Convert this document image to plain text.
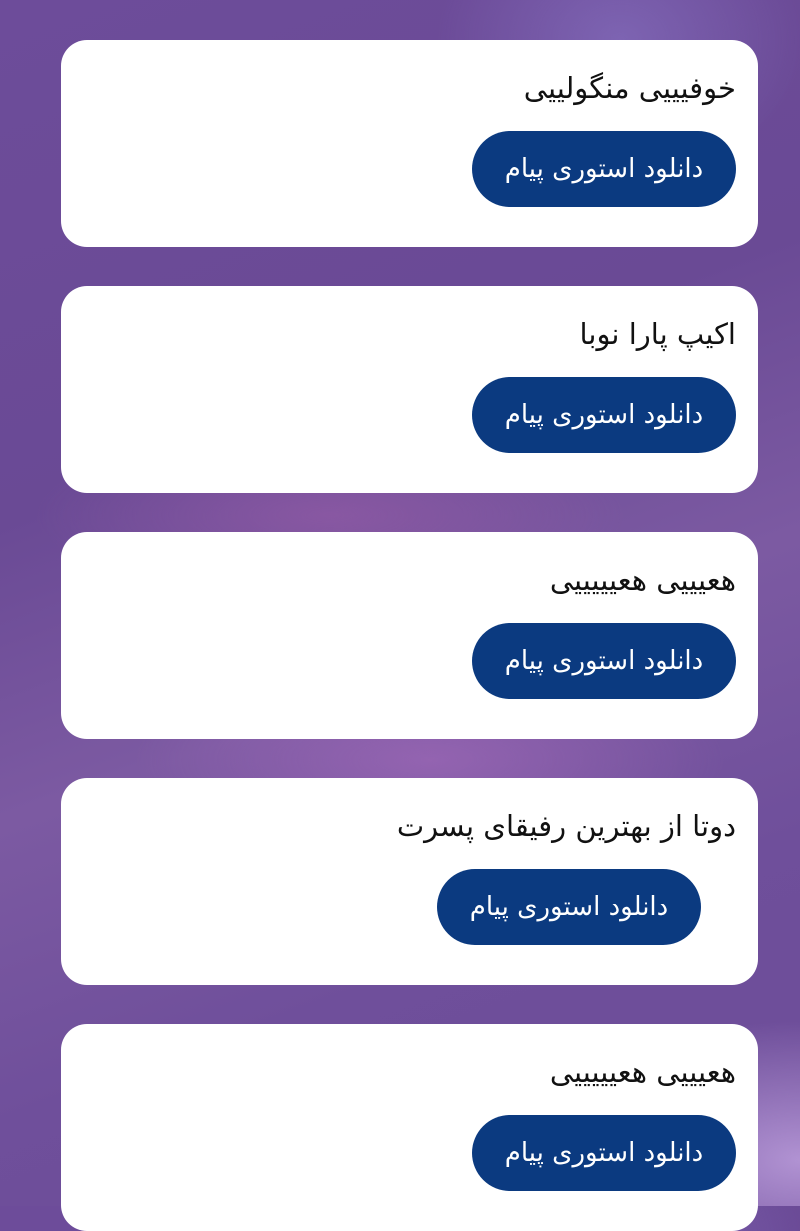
خوفیییی منگولییی
دانلود استوری پیام
اکیپ پارا نوبا
دانلود استوری پیام
هعیییی هعیییییی
دانلود استوری پیام
دوتا از بهترین رفیقای پسرت
دانلود استوری پیام
هعیییی هعیییییی
دانلود استوری پیام
